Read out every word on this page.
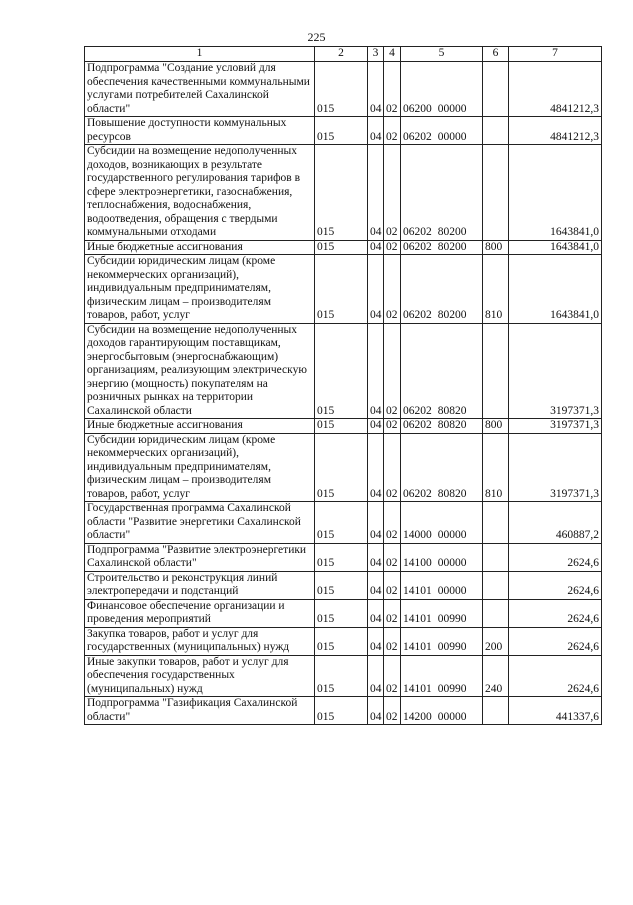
225
1	2	3	4	5	6	7
Подпрограмма "Создание условий для обеспечения качественными коммунальными услугами потребителей Сахалинской области"	015	04	02	06200 00000		4841212,3
Повышение доступности коммунальных ресурсов	015	04	02	06202 00000		4841212,3
Субсидии на возмещение недополученных доходов, возникающих в результате государственного регулирования тарифов в сфере электроэнергетики, газоснабжения, теплоснабжения, водоснабжения, водоотведения, обращения с твердыми коммунальными отходами	015	04	02	06202 80200		1643841,0
Иные бюджетные ассигнования	015	04	02	06202 80200	800	1643841,0
Субсидии юридическим лицам (кроме некоммерческих организаций), индивидуальным предпринимателям, физическим лицам – производителям товаров, работ, услуг	015	04	02	06202 80200	810	1643841,0
Субсидии на возмещение недополученных доходов гарантирующим поставщикам, энергосбытовым (энергоснабжающим) организациям, реализующим электрическую энергию (мощность) покупателям на розничных рынках на территории Сахалинской области	015	04	02	06202 80820		3197371,3
Иные бюджетные ассигнования	015	04	02	06202 80820	800	3197371,3
Субсидии юридическим лицам (кроме некоммерческих организаций), индивидуальным предпринимателям, физическим лицам – производителям товаров, работ, услуг	015	04	02	06202 80820	810	3197371,3
Государственная программа Сахалинской области "Развитие энергетики Сахалинской области"	015	04	02	14000 00000		460887,2
Подпрограмма "Развитие электроэнергетики Сахалинской области"	015	04	02	14100 00000		2624,6
Строительство и реконструкция линий электропередачи и подстанций	015	04	02	14101 00000		2624,6
Финансовое обеспечение организации и проведения мероприятий	015	04	02	14101 00990		2624,6
Закупка товаров, работ и услуг для государственных (муниципальных) нужд	015	04	02	14101 00990	200	2624,6
Иные закупки товаров, работ и услуг для обеспечения государственных (муниципальных) нужд	015	04	02	14101 00990	240	2624,6
Подпрограмма "Газификация Сахалинской области"	015	04	02	14200 00000		441337,6
